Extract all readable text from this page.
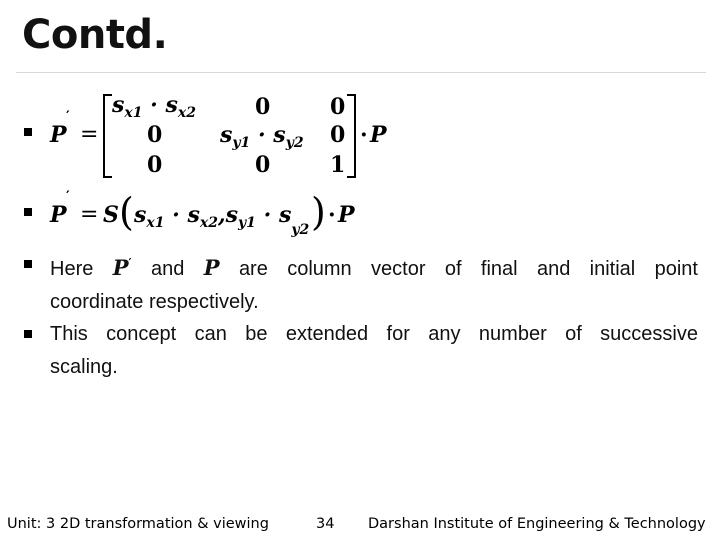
Contd.
P
′
=
$s_{x1} \cdot s_{x2}$	0	0
0	$s_{y1} \cdot s_{y2}$ 0
0	0	1
· P
P
′
= S ( $s_{x1} \cdot s_{x2},s_{y1} \cdot s_{y2}$ ) · P
Here P′ and P are column vector of final and initial point
coordinate respectively.
This concept can be extended for any number of successive
scaling.
Unit: 3 2D transformation & viewing	34 Darshan Institute of Engineering & Technology
